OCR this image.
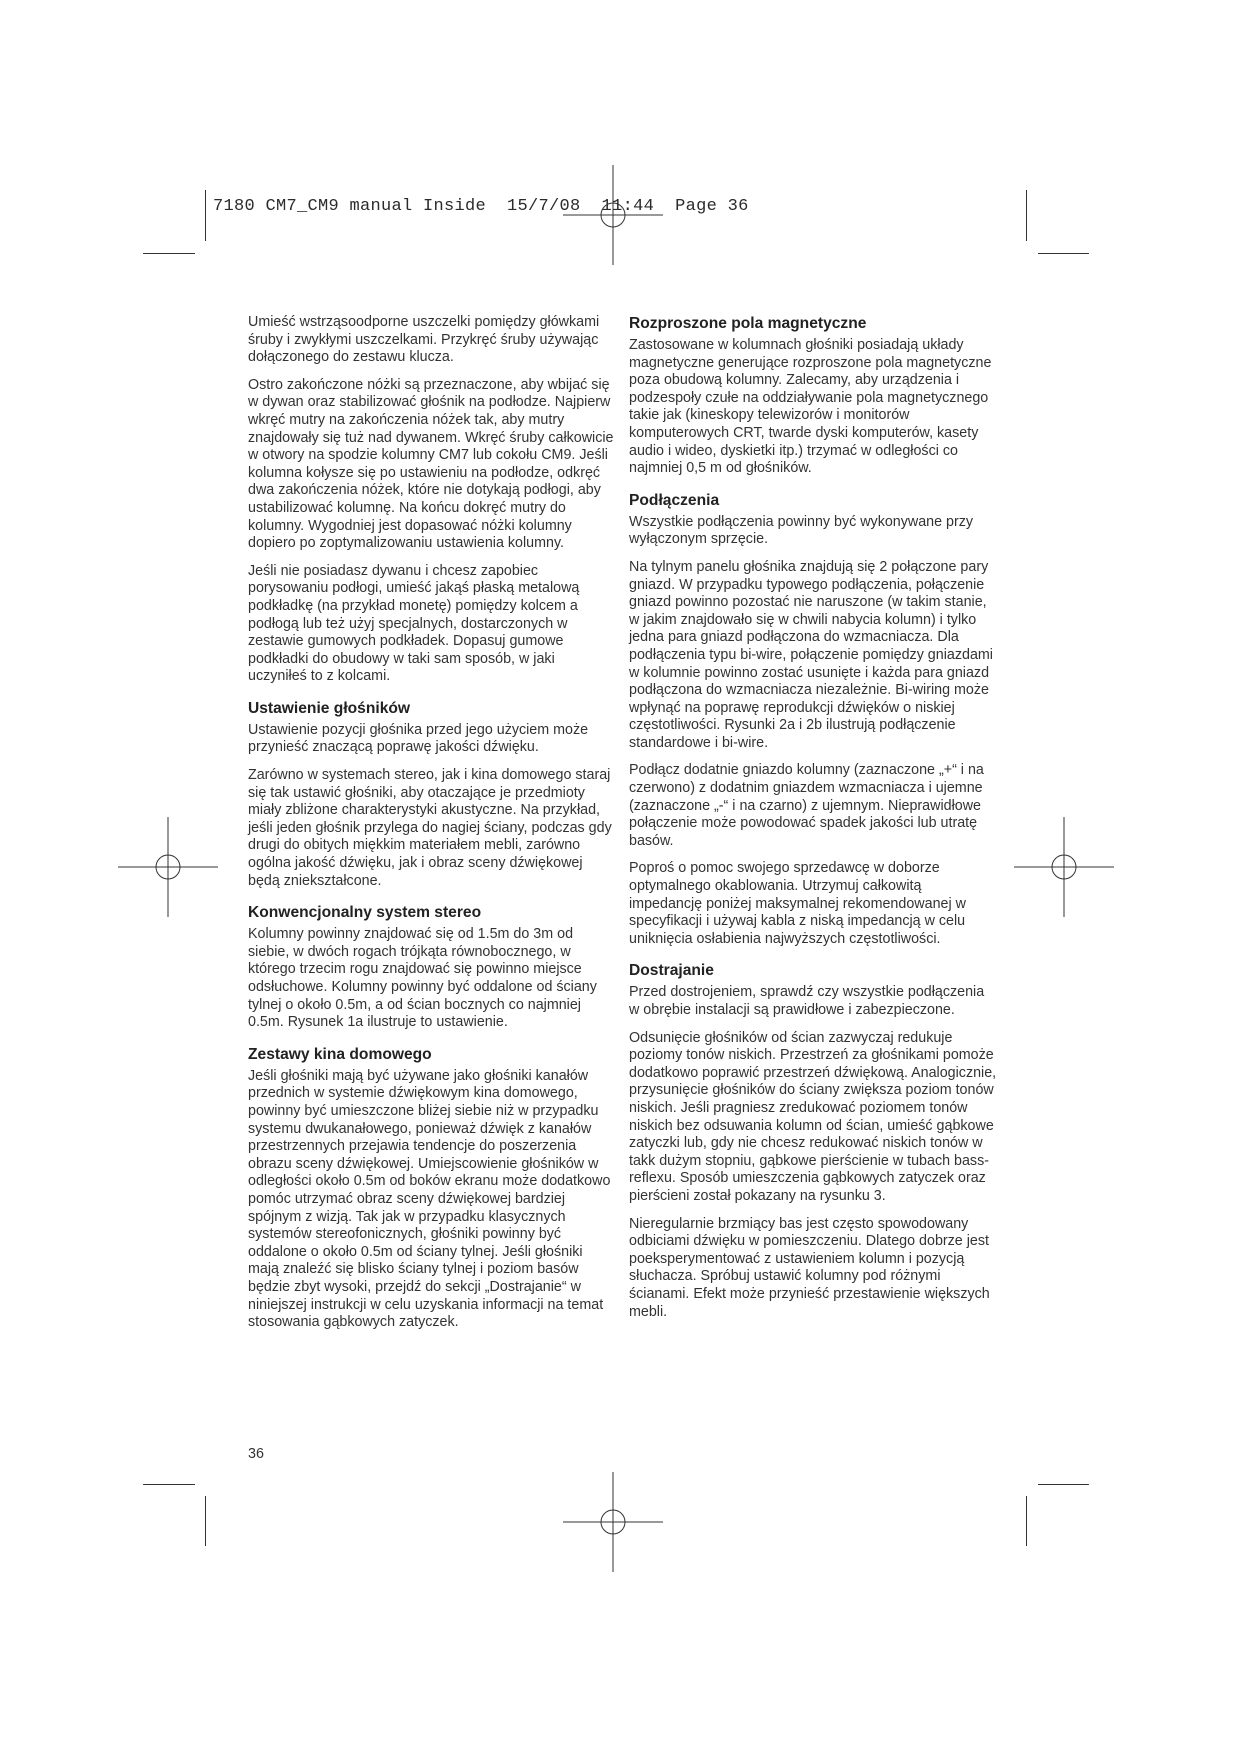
7180 CM7_CM9 manual Inside  15/7/08  11:44  Page 36

Umieść wstrząsoodporne uszczelki pomiędzy główkami śruby i zwykłymi uszczelkami. Przykręć śruby używając dołączonego do zestawu klucza.

Ostro zakończone nóżki są przeznaczone, aby wbijać się w dywan oraz stabilizować głośnik na podłodze. Najpierw wkręć mutry na zakończenia nóżek tak, aby mutry znajdowały się tuż nad dywanem. Wkręć śruby całkowicie w otwory na spodzie kolumny CM7 lub cokołu CM9. Jeśli kolumna kołysze się po ustawieniu na podłodze, odkręć dwa zakończenia nóżek, które nie dotykają podłogi, aby ustabilizować kolumnę. Na końcu dokręć mutry do kolumny. Wygodniej jest dopasować nóżki kolumny dopiero po zoptymalizowaniu ustawienia kolumny.

Jeśli nie posiadasz dywanu i chcesz zapobiec porysowaniu podłogi, umieść jakąś płaską metalową podkładkę (na przykład monetę) pomiędzy kolcem a podłogą lub też użyj specjalnych, dostarczonych w zestawie gumowych podkładek. Dopasuj gumowe podkładki do obudowy w taki sam sposób, w jaki uczyniłeś to z kolcami.

Ustawienie głośników

Ustawienie pozycji głośnika przed jego użyciem może przynieść znaczącą poprawę jakości dźwięku.

Zarówno w systemach stereo, jak i kina domowego staraj się tak ustawić głośniki, aby otaczające je przedmioty miały zbliżone charakterystyki akustyczne. Na przykład, jeśli jeden głośnik przylega do nagiej ściany, podczas gdy drugi do obitych miękkim materiałem mebli, zarówno ogólna jakość dźwięku, jak i obraz sceny dźwiękowej będą zniekształcone.

Konwencjonalny system stereo

Kolumny powinny znajdować się od 1.5m do 3m od siebie, w dwóch rogach trójkąta równobocznego, w którego trzecim rogu znajdować się powinno miejsce odsłuchowe. Kolumny powinny być oddalone od ściany tylnej o około 0.5m, a od ścian bocznych co najmniej 0.5m. Rysunek 1a ilustruje to ustawienie.

Zestawy kina domowego

Jeśli głośniki mają być używane jako głośniki kanałów przednich w systemie dźwiękowym kina domowego, powinny być umieszczone bliżej siebie niż w przypadku systemu dwukanałowego, ponieważ dźwięk z kanałów przestrzennych przejawia tendencje do poszerzenia obrazu sceny dźwiękowej. Umiejscowienie głośników w odległości około 0.5m od boków ekranu może dodatkowo pomóc utrzymać obraz sceny dźwiękowej bardziej spójnym z wizją. Tak jak w przypadku klasycznych systemów stereofonicznych, głośniki powinny być oddalone o około 0.5m od ściany tylnej. Jeśli głośniki mają znaleźć się blisko ściany tylnej i poziom basów będzie zbyt wysoki, przejdź do sekcji „Dostrajanie“ w niniejszej instrukcji w celu uzyskania informacji na temat stosowania gąbkowych zatyczek.

Rozproszone pola magnetyczne

Zastosowane w kolumnach głośniki posiadają układy magnetyczne generujące rozproszone pola magnetyczne poza obudową kolumny. Zalecamy, aby urządzenia i podzespoły czułe na oddziaływanie pola magnetycznego takie jak (kineskopy telewizorów i monitorów komputerowych CRT, twarde dyski komputerów, kasety audio i wideo, dyskietki itp.) trzymać w odległości co najmniej 0,5 m od głośników.

Podłączenia

Wszystkie podłączenia powinny być wykonywane przy wyłączonym sprzęcie.

Na tylnym panelu głośnika znajdują się 2 połączone pary gniazd. W przypadku typowego podłączenia, połączenie gniazd powinno pozostać nie naruszone (w takim stanie, w jakim znajdowało się w chwili nabycia kolumn) i tylko jedna para gniazd podłączona do wzmacniacza. Dla podłączenia typu bi-wire, połączenie pomiędzy gniazdami w kolumnie powinno zostać usunięte i każda para gniazd podłączona do wzmacniacza niezależnie. Bi-wiring może wpłynąć na poprawę reprodukcji dźwięków o niskiej częstotliwości. Rysunki 2a i 2b ilustrują podłączenie standardowe i bi-wire.

Podłącz dodatnie gniazdo kolumny (zaznaczone „+“ i na czerwono) z dodatnim gniazdem wzmacniacza i ujemne (zaznaczone „-“ i na czarno) z ujemnym. Nieprawidłowe połączenie może powodować spadek jakości lub utratę basów.

Poproś o pomoc swojego sprzedawcę w doborze optymalnego okablowania. Utrzymuj całkowitą impedancję poniżej maksymalnej rekomendowanej w specyfikacji i używaj kabla z niską impedancją w celu uniknięcia osłabienia najwyższych częstotliwości.

Dostrajanie

Przed dostrojeniem, sprawdź czy wszystkie podłączenia w obrębie instalacji są prawidłowe i zabezpieczone.

Odsunięcie głośników od ścian zazwyczaj redukuje poziomy tonów niskich. Przestrzeń za głośnikami pomoże dodatkowo poprawić przestrzeń dźwiękową. Analogicznie, przysunięcie głośników do ściany zwiększa poziom tonów niskich. Jeśli pragniesz zredukować poziomem tonów niskich bez odsuwania kolumn od ścian, umieść gąbkowe zatyczki lub, gdy nie chcesz redukować niskich tonów w takk dużym stopniu, gąbkowe pierścienie w tubach bass-reflexu. Sposób umieszczenia gąbkowych zatyczek oraz pierścieni został pokazany na rysunku 3.

Nieregularnie brzmiący bas jest często spowodowany odbiciami dźwięku w pomieszczeniu. Dlatego dobrze jest poeksperymentować z ustawieniem kolumn i pozycją słuchacza. Spróbuj ustawić kolumny pod różnymi ścianami. Efekt może przynieść przestawienie większych mebli.

36
